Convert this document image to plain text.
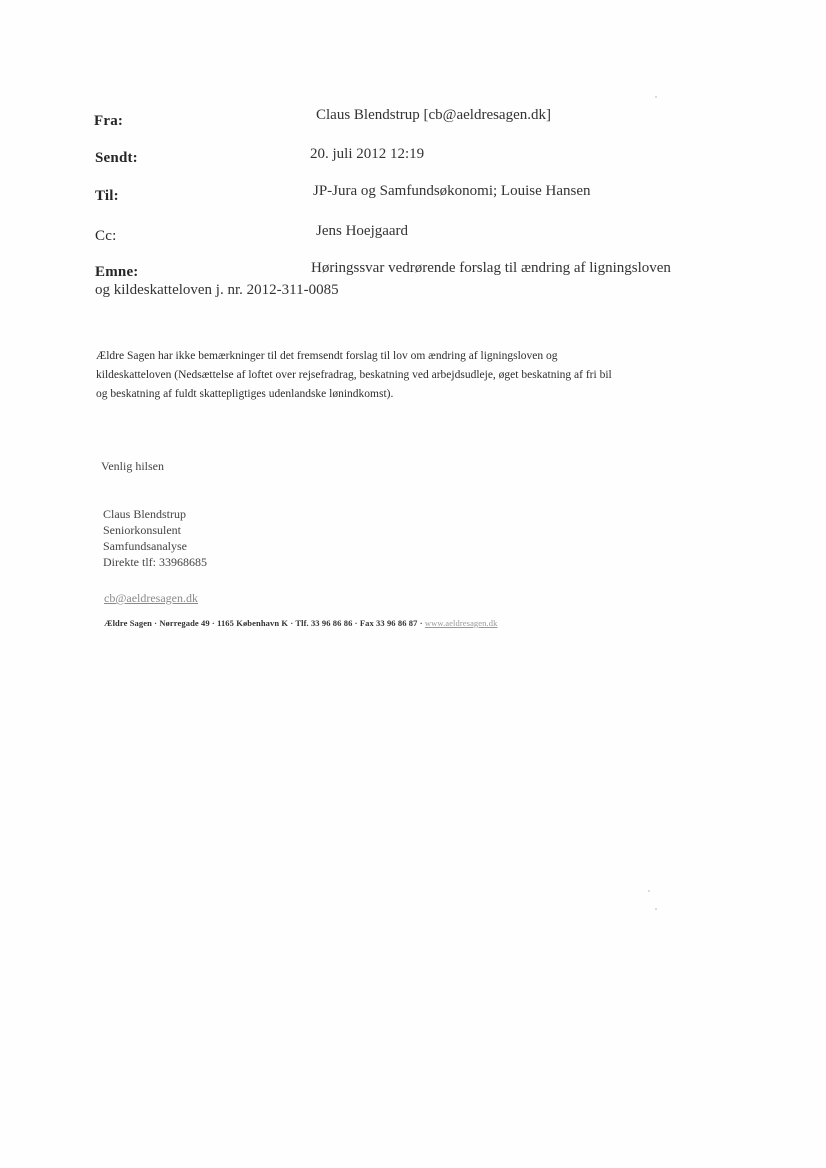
Fra:	Claus Blendstrup [cb@aeldresagen.dk]
Sendt:	20. juli 2012 12:19
Til:	JP-Jura og Samfundsøkonomi; Louise Hansen
Cc:	Jens Hoejgaard
Emne:	Høringssvar vedrørende forslag til ændring af ligningsloven
og kildeskatteloven j. nr. 2012-311-0085
Ældre Sagen har ikke bemærkninger til det fremsendt forslag til lov om ændring af ligningsloven og
kildeskatteloven (Nedsættelse af loftet over rejsefradrag, beskatning ved arbejdsudleje, øget beskatning af fri bil
og beskatning af fuldt skattepligtiges udenlandske lønindkomst).
Venlig hilsen
Claus Blendstrup
Seniorkonsulent
Samfundsanalyse
Direkte tlf: 33968685
cb@aeldresagen.dk
Ældre Sagen · Nørregade 49 · 1165 København K · Tlf. 33 96 86 86 · Fax 33 96 86 87 · www.aeldresagen.dk
